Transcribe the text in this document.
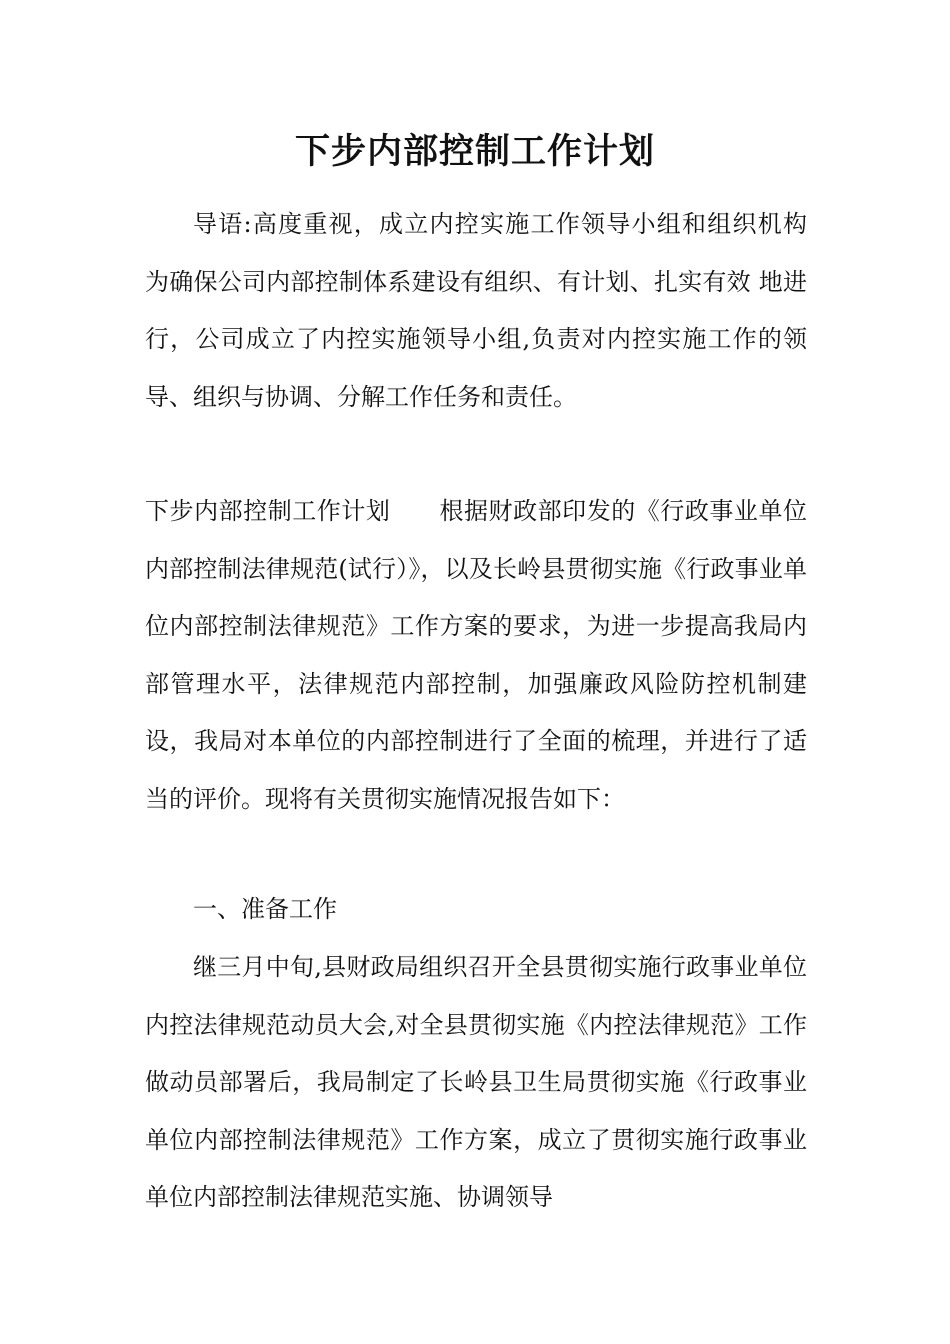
下步内部控制工作计划

导语:高度重视，成立内控实施工作领导小组和组织机构 为确保公司内部控制体系建设有组织、有计划、扎实有效 地进行，公司成立了内控实施领导小组,负责对内控实施工作的领导、组织与协调、分解工作任务和责任。

下步内部控制工作计划　　根据财政部印发的《行政事业单位内部控制法律规范(试行）》，以及长岭县贯彻实施《行政事业单位内部控制法律规范》工作方案的要求，为进一步提高我局内部管理水平，法律规范内部控制，加强廉政风险防控机制建设，我局对本单位的内部控制进行了全面的梳理，并进行了适当的评价。现将有关贯彻实施情况报告如下：

一、准备工作

继三月中旬,县财政局组织召开全县贯彻实施行政事业单位内控法律规范动员大会,对全县贯彻实施《内控法律规范》工作做动员部署后，我局制定了长岭县卫生局贯彻实施《行政事业单位内部控制法律规范》工作方案，成立了贯彻实施行政事业单位内部控制法律规范实施、协调领导
